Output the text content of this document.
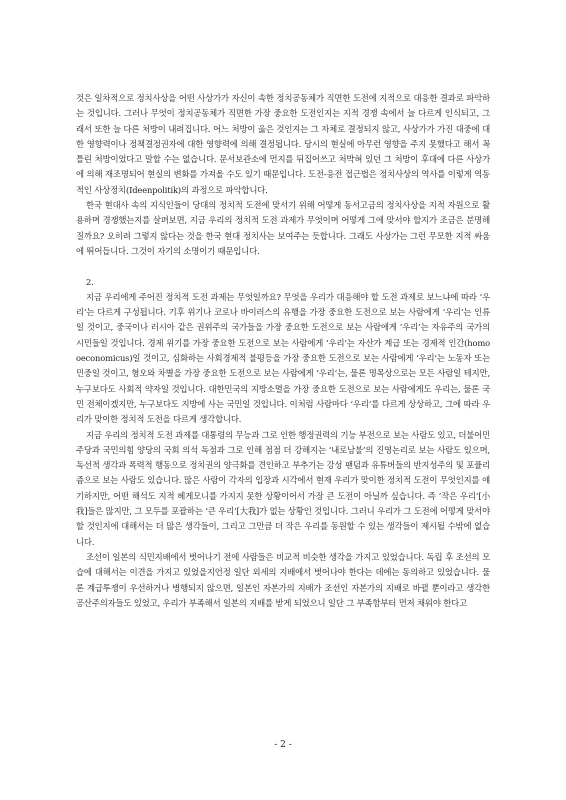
것은 일차적으로 정치사상을 어떤 사상가가 자신이 속한 정치공동체가 직면한 도전에 지적으로 대응한 결과로 파악하는 것입니다. 그러나 무엇이 정치공동체가 직면한 가장 중요한 도전인지는 지적 경쟁 속에서 늘 다르게 인식되고, 그래서 또한 늘 다른 처방이 내려집니다. 어느 처방이 옳은 것인지는 그 자체로 결정되지 않고, 사상가가 가진 대중에 대한 영향력이나 정책결정권자에 대한 영향력에 의해 결정됩니다. 당시의 현실에 아무런 영향을 주지 못했다고 해서 꼭 틀린 처방이었다고 말할 수는 없습니다. 문서보관소에 먼지를 뒤집어쓰고 처박혀 있던 그 처방이 후대에 다른 사상가에 의해 재조명되어 현실의 변화를 가져올 수도 있기 때문입니다. 도전-응전 접근법은 정치사상의 역사를 이렇게 역동적인 사상정치(Ideenpolitik)의 과정으로 파악합니다.

한국 현대사 속의 지식인들이 당대의 정치적 도전에 맞서기 위해 어떻게 동서고금의 정치사상을 지적 자원으로 활용하며 경쟁했는지를 살펴보면, 지금 우리의 정치적 도전 과제가 무엇이며 어떻게 그에 맞서야 할지가 조금은 분명해질까요? 오히려 그렇지 않다는 것을 한국 현대 정치사는 보여주는 듯합니다. 그래도 사상가는 그런 무모한 지적 싸움에 뛰어듭니다. 그것이 자기의 소명이기 때문입니다.

2.

지금 우리에게 주어진 정치적 도전 과제는 무엇일까요? 무엇을 우리가 대응해야 할 도전 과제로 보느냐에 따라 ‘우리’는 다르게 구성됩니다. 기후 위기나 코로나 바이러스의 유행을 가장 중요한 도전으로 보는 사람에게 ‘우리’는 인류일 것이고, 중국이나 러시아 같은 권위주의 국가들을 가장 중요한 도전으로 보는 사람에게 ‘우리’는 자유주의 국가의 시민들일 것입니다. 경제 위기를 가장 중요한 도전으로 보는 사람에게 ‘우리’는 자산가 계급 또는 경제적 인간(homo oeconomicus)일 것이고, 심화하는 사회경제적 불평등을 가장 중요한 도전으로 보는 사람에게 ‘우리’는 노동자 또는 민중일 것이고, 혐오와 차별을 가장 중요한 도전으로 보는 사람에게 ‘우리’는, 물론 명목상으로는 모든 사람일 테지만, 누구보다도 사회적 약자일 것입니다. 대한민국의 지방소멸을 가장 중요한 도전으로 보는 사람에게도 우리는, 물론 국민 전체이겠지만, 누구보다도 지방에 사는 국민일 것입니다. 이처럼 사람마다 ‘우리’를 다르게 상상하고, 그에 따라 우리가 맞이한 정치적 도전을 다르게 생각합니다.

지금 우리의 정치적 도전 과제를 대통령의 무능과 그로 인한 행정권력의 기능 부전으로 보는 사람도 있고, 더불어민주당과 국민의힘 양당의 국회 의석 독점과 그로 인해 점점 더 강해지는 ‘내로남불’의 진영논리로 보는 사람도 있으며, 독선적 생각과 폭력적 행동으로 정치권의 양극화를 견인하고 부추기는 강성 팬덤과 유튜버들의 반지성주의 및 포퓰리즘으로 보는 사람도 있습니다. 많은 사람이 각자의 입장과 시각에서 현재 우리가 맞이한 정치적 도전이 무엇인지를 얘기하지만, 어떤 해석도 지적 헤게모니를 가지지 못한 상황이어서 가장 큰 도전이 아닐까 싶습니다. 즉 ‘작은 우리’[小我]들은 많지만, 그 모두를 포괄하는 ‘큰 우리’[大我]가 없는 상황인 것입니다. 그러니 우리가 그 도전에 어떻게 맞서야 할 것인지에 대해서는 더 많은 생각들이, 그리고 그만큼 더 작은 우리를 동원할 수 있는 생각들이 제시될 수밖에 없습니다.

조선이 일본의 식민지배에서 벗어나기 전에 사람들은 비교적 비슷한 생각을 가지고 있었습니다. 독립 후 조선의 모습에 대해서는 이견을 가지고 있었을지언정 일단 외세의 지배에서 벗어나야 한다는 데에는 동의하고 있었습니다. 물론 계급투쟁이 우선하거나 병행되지 않으면, 일본인 자본가의 지배가 조선인 자본가의 지배로 바뀔 뿐이라고 생각한 공산주의자들도 있었고, 우리가 부족해서 일본의 지배를 받게 되었으니 일단 그 부족함부터 먼저 채워야 한다고

- 2 -
